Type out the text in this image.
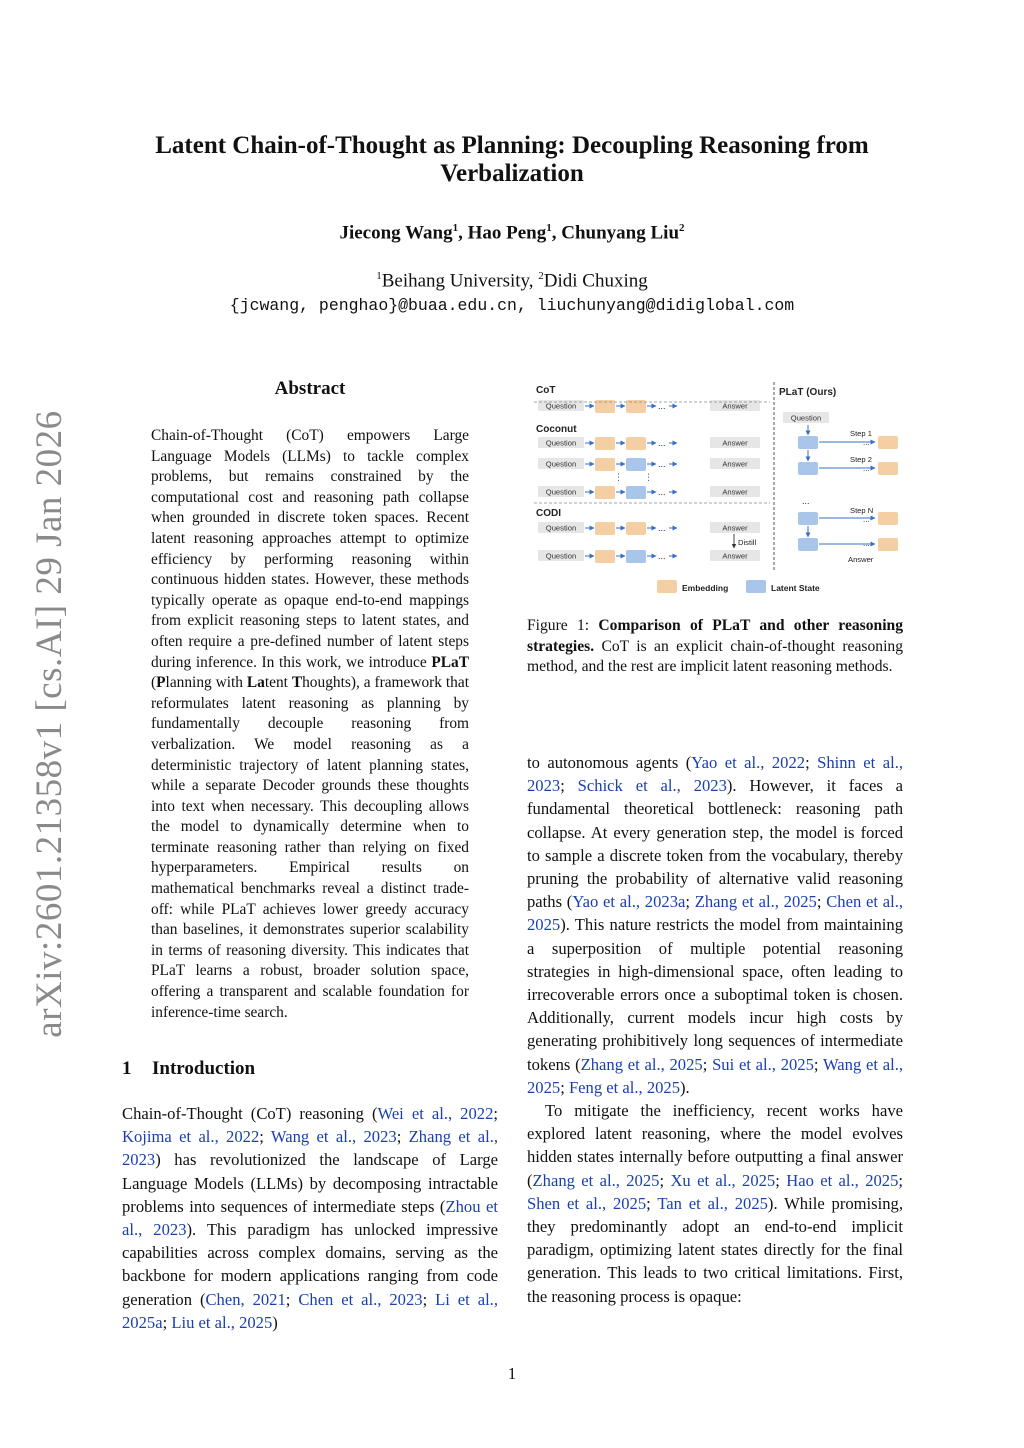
arXiv:2601.21358v1 [cs.AI] 29 Jan 2026
Latent Chain-of-Thought as Planning: Decoupling Reasoning from Verbalization
Jiecong Wang$^1$, Hao Peng$^1$, Chunyang Liu$^2$
$^1$Beihang University, $^2$Didi Chuxing
{jcwang, penghao}@buaa.edu.cn, liuchunyang@didiglobal.com
Abstract
Chain-of-Thought (CoT) empowers Large Language Models (LLMs) to tackle complex problems, but remains constrained by the computational cost and reasoning path collapse when grounded in discrete token spaces. Recent latent reasoning approaches attempt to optimize efficiency by performing reasoning within continuous hidden states. However, these methods typically operate as opaque end-to-end mappings from explicit reasoning steps to latent states, and often require a pre-defined number of latent steps during inference. In this work, we introduce PLaT (Planning with Latent Thoughts), a framework that reformulates latent reasoning as planning by fundamentally decouple reasoning from verbalization. We model reasoning as a deterministic trajectory of latent planning states, while a separate Decoder grounds these thoughts into text when necessary. This decoupling allows the model to dynamically determine when to terminate reasoning rather than relying on fixed hyperparameters. Empirical results on mathematical benchmarks reveal a distinct trade-off: while PLaT achieves lower greedy accuracy than baselines, it demonstrates superior scalability in terms of reasoning diversity. This indicates that PLaT learns a robust, broader solution space, offering a transparent and scalable foundation for inference-time search.
1 Introduction
Chain-of-Thought (CoT) reasoning (Wei et al., 2022; Kojima et al., 2022; Wang et al., 2023; Zhang et al., 2023) has revolutionized the landscape of Large Language Models (LLMs) by decomposing intractable problems into sequences of intermediate steps (Zhou et al., 2023). This paradigm has unlocked impressive capabilities across complex domains, serving as the backbone for modern applications ranging from code generation (Chen, 2021; Chen et al., 2023; Li et al., 2025a; Liu et al., 2025)
CoT
Question	...	Answer
Coconut
Question	...	Answer
Question	...	Answer
Question	...	Answer
⋮
⋮
CODI
Question	...	Answer
Question	...	Answer
Distill
PLaT (Ours)
Question
Step 1
...
Step 2
...
...
Step N
...
...
Answer
Embedding	Latent State
Figure 1: Comparison of PLaT and other reasoning strategies. CoT is an explicit chain-of-thought reasoning method, and the rest are implicit latent reasoning methods.

to autonomous agents (Yao et al., 2022; Shinn et al., 2023; Schick et al., 2023). However, it faces a fundamental theoretical bottleneck: reasoning path collapse. At every generation step, the model is forced to sample a discrete token from the vocabulary, thereby pruning the probability of alternative valid reasoning paths (Yao et al., 2023a; Zhang et al., 2025; Chen et al., 2025). This nature restricts the model from maintaining a superposition of multiple potential reasoning strategies in high-dimensional space, often leading to irrecoverable errors once a suboptimal token is chosen. Additionally, current models incur high costs by generating prohibitively long sequences of intermediate tokens (Zhang et al., 2025; Sui et al., 2025; Wang et al., 2025; Feng et al., 2025).

To mitigate the inefficiency, recent works have explored latent reasoning, where the model evolves hidden states internally before outputting a final answer (Zhang et al., 2025; Xu et al., 2025; Hao et al., 2025; Shen et al., 2025; Tan et al., 2025). While promising, they predominantly adopt an end-to-end implicit paradigm, optimizing latent states directly for the final generation. This leads to two critical limitations. First, the reasoning process is opaque:

1
